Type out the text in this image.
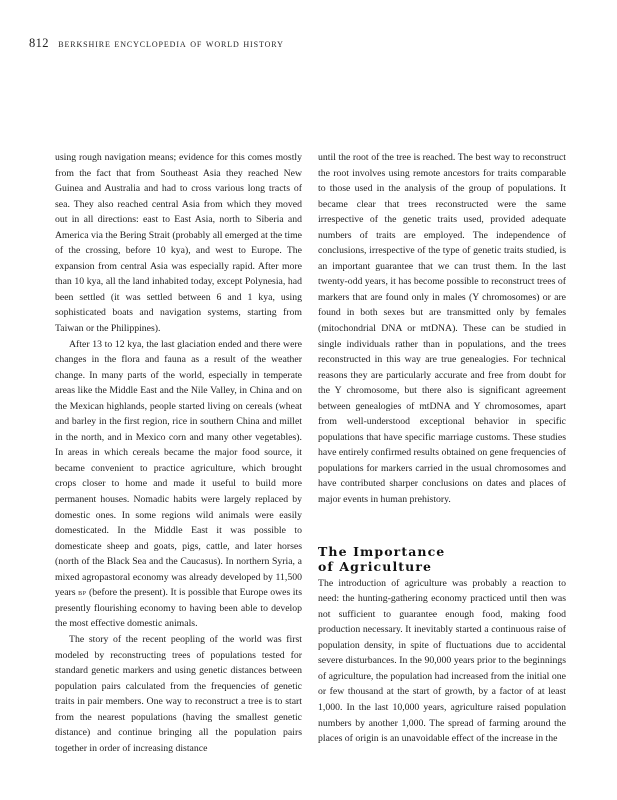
812 berkshire encyclopedia of world history

using rough navigation means; evidence for this comes mostly from the fact that from Southeast Asia they reached New Guinea and Australia and had to cross various long tracts of sea. They also reached central Asia from which they moved out in all directions: east to East Asia, north to Siberia and America via the Bering Strait (probably all emerged at the time of the crossing, before 10 kya), and west to Europe. The expansion from central Asia was especially rapid. After more than 10 kya, all the land inhabited today, except Polynesia, had been settled (it was settled between 6 and 1 kya, using sophisticated boats and navigation systems, starting from Taiwan or the Philippines).

After 13 to 12 kya, the last glaciation ended and there were changes in the flora and fauna as a result of the weather change. In many parts of the world, especially in temperate areas like the Middle East and the Nile Valley, in China and on the Mexican highlands, people started living on cereals (wheat and barley in the first region, rice in southern China and millet in the north, and in Mexico corn and many other vegetables). In areas in which cereals became the major food source, it became convenient to practice agriculture, which brought crops closer to home and made it useful to build more permanent houses. Nomadic habits were largely replaced by domestic ones. In some regions wild animals were easily domesticated. In the Middle East it was possible to domesticate sheep and goats, pigs, cattle, and later horses (north of the Black Sea and the Caucasus). In northern Syria, a mixed agropastoral economy was already developed by 11,500 years bp (before the present). It is possible that Europe owes its presently flourishing economy to having been able to develop the most effective domestic animals.

The story of the recent peopling of the world was first modeled by reconstructing trees of populations tested for standard genetic markers and using genetic distances between population pairs calculated from the frequencies of genetic traits in pair members. One way to reconstruct a tree is to start from the nearest populations (having the smallest genetic distance) and continue bringing all the population pairs together in order of increasing distance

until the root of the tree is reached. The best way to reconstruct the root involves using remote ancestors for traits comparable to those used in the analysis of the group of populations. It became clear that trees reconstructed were the same irrespective of the genetic traits used, provided adequate numbers of traits are employed. The independence of conclusions, irrespective of the type of genetic traits studied, is an important guarantee that we can trust them. In the last twenty-odd years, it has become possible to reconstruct trees of markers that are found only in males (Y chromosomes) or are found in both sexes but are transmitted only by females (mitochondrial DNA or mtDNA). These can be studied in single individuals rather than in populations, and the trees reconstructed in this way are true genealogies. For technical reasons they are particularly accurate and free from doubt for the Y chromosome, but there also is significant agreement between genealogies of mtDNA and Y chromosomes, apart from well-understood exceptional behavior in specific populations that have specific marriage customs. These studies have entirely confirmed results obtained on gene frequencies of populations for markers carried in the usual chromosomes and have contributed sharper conclusions on dates and places of major events in human prehistory.

The Importance
of Agriculture

The introduction of agriculture was probably a reaction to need: the hunting-gathering economy practiced until then was not sufficient to guarantee enough food, making food production necessary. It inevitably started a continuous raise of population density, in spite of fluctuations due to accidental severe disturbances. In the 90,000 years prior to the beginnings of agriculture, the population had increased from the initial one or few thousand at the start of growth, by a factor of at least 1,000. In the last 10,000 years, agriculture raised population numbers by another 1,000. The spread of farming around the places of origin is an unavoidable effect of the increase in the
